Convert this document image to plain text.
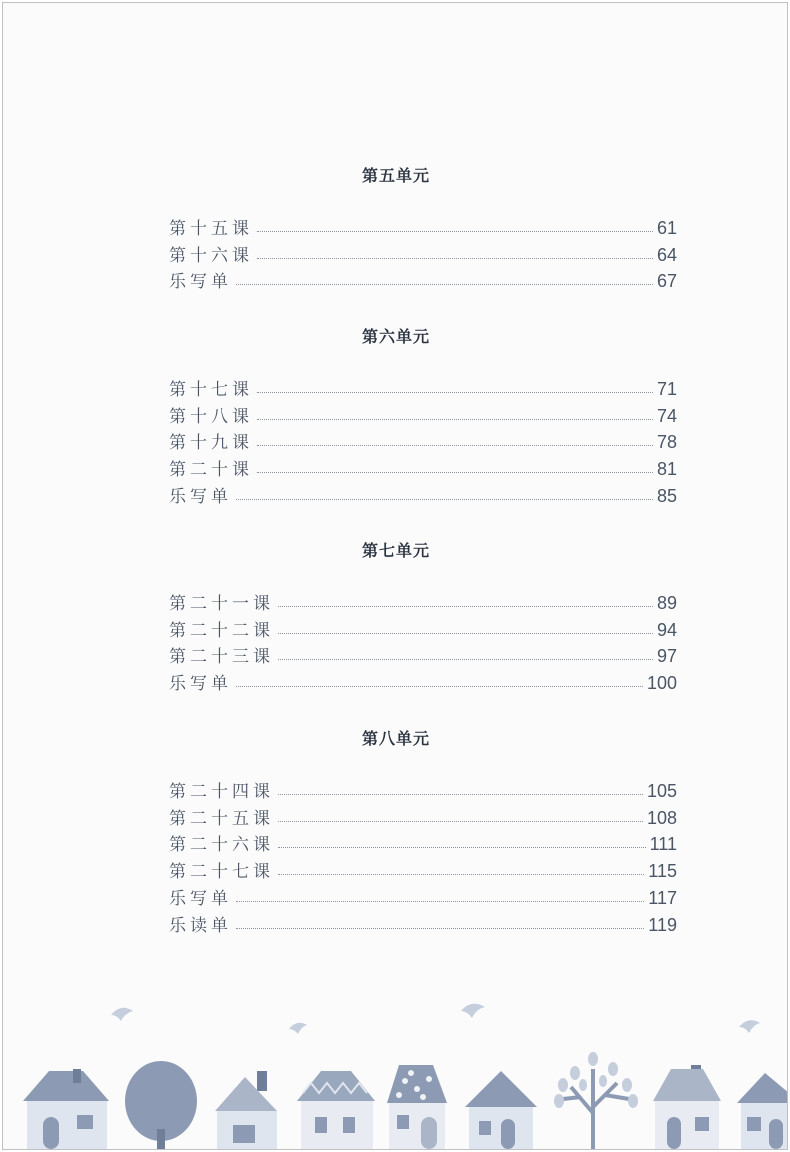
第五单元
第十五课	61
第十六课	64
乐写单	67
第六单元
第十七课	71
第十八课	74
第十九课	78
第二十课	81
乐写单	85
第七单元
第二十一课	89
第二十二课	94
第二十三课	97
乐写单	100
第八单元
第二十四课	105
第二十五课	108
第二十六课	111
第二十七课	115
乐写单	117
乐读单	119
